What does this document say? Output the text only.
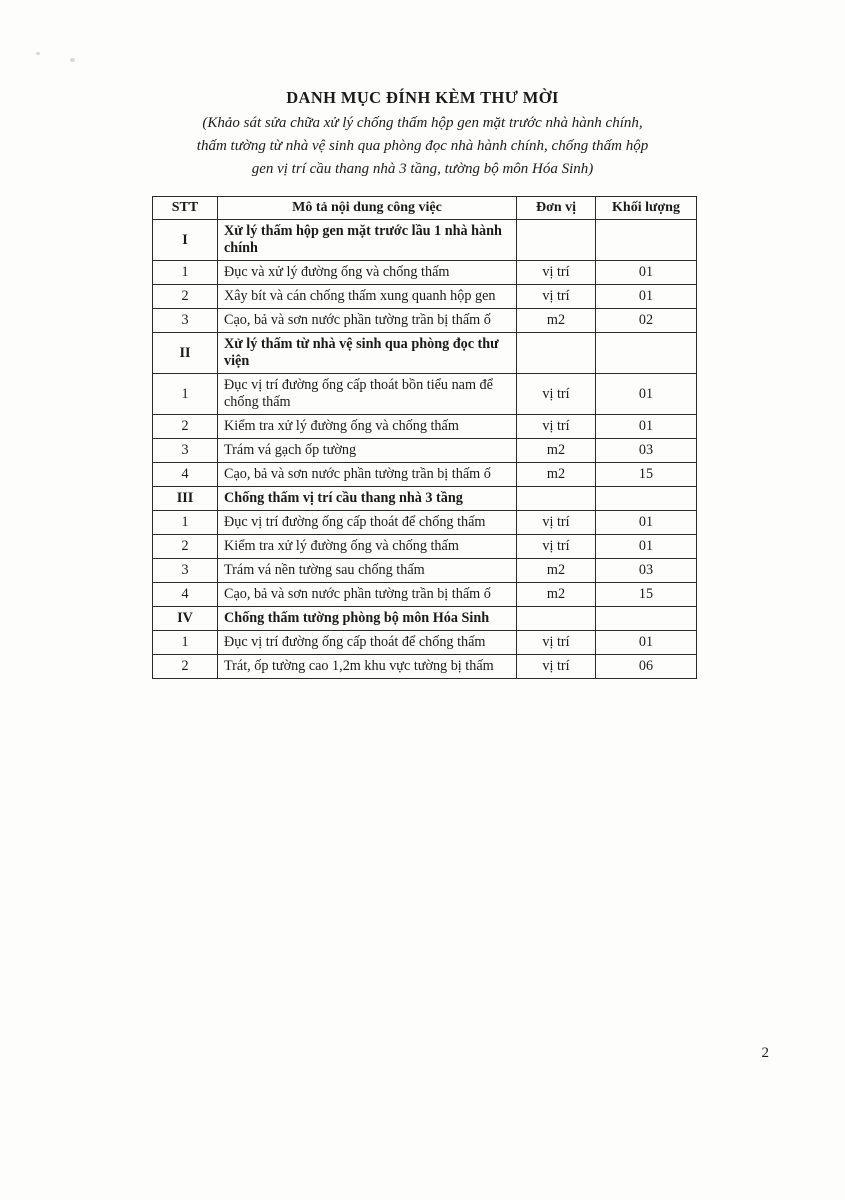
DANH MỤC ĐÍNH KÈM THƯ MỜI
(Khảo sát sửa chữa xử lý chống thấm hộp gen mặt trước nhà hành chính,
thấm tường từ nhà vệ sinh qua phòng đọc nhà hành chính, chống thấm hộp
gen vị trí cầu thang nhà 3 tầng, tường bộ môn Hóa Sinh)
STT	Mô tả nội dung công việc	Đơn vị	Khối lượng
I	Xử lý thấm hộp gen mặt trước lầu 1 nhà hành chính		
1	Đục và xử lý đường ống và chống thấm	vị trí	01
2	Xây bít và cán chống thấm xung quanh hộp gen	vị trí	01
3	Cạo, bả và sơn nước phần tường trần bị thấm ố	m2	02
II	Xử lý thấm từ nhà vệ sinh qua phòng đọc thư viện		
1	Đục vị trí đường ống cấp thoát bồn tiểu nam để chống thấm	vị trí	01
2	Kiểm tra xử lý đường ống và chống thấm	vị trí	01
3	Trám vá gạch ốp tường	m2	03
4	Cạo, bả và sơn nước phần tường trần bị thấm ố	m2	15
III	Chống thấm vị trí cầu thang nhà 3 tầng		
1	Đục vị trí đường ống cấp thoát để chống thấm	vị trí	01
2	Kiểm tra xử lý đường ống và chống thấm	vị trí	01
3	Trám vá nền tường sau chống thấm	m2	03
4	Cạo, bả và sơn nước phần tường trần bị thấm ố	m2	15
IV	Chống thấm tường phòng bộ môn Hóa Sinh		
1	Đục vị trí đường ống cấp thoát để chống thấm	vị trí	01
2	Trát, ốp tường cao 1,2m khu vực tường bị thấm	vị trí	06
2
